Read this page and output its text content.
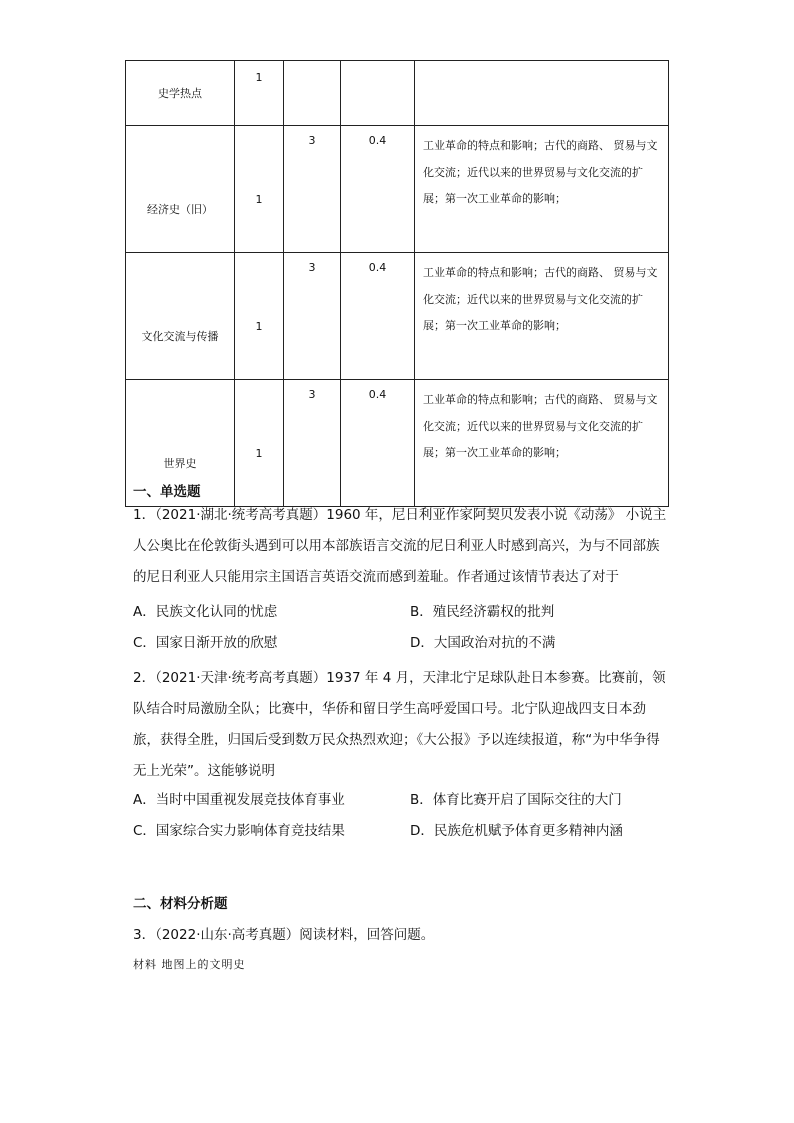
史学热点	1			

经济史（旧）	1	3	0.4	工业革命的特点和影响；古代的商路、 贸易与文化交流；近代以来的世界贸易与文化交流的扩展；第一次工业革命的影响；

文化交流与传播	1	3	0.4	工业革命的特点和影响；古代的商路、 贸易与文化交流；近代以来的世界贸易与文化交流的扩展；第一次工业革命的影响；

世界史	1	3	0.4	工业革命的特点和影响；古代的商路、 贸易与文化交流；近代以来的世界贸易与文化交流的扩展；第一次工业革命的影响；
一、单选题
1．（2021·湖北·统考高考真题）1960 年，尼日利亚作家阿契贝发表小说《动荡》 小说主人公奥比在伦敦街头遇到可以用本部族语言交流的尼日利亚人时感到高兴，为与不同部族的尼日利亚人只能用宗主国语言英语交流而感到羞耻。作者通过该情节表达了对于
A．民族文化认同的忧虑	B．殖民经济霸权的批判
C．国家日渐开放的欣慰	D．大国政治对抗的不满
2．（2021·天津·统考高考真题）1937 年 4 月，天津北宁足球队赴日本参赛。比赛前，领队结合时局激励全队；比赛中，华侨和留日学生高呼爱国口号。北宁队迎战四支日本劲旅，获得全胜，归国后受到数万民众热烈欢迎；《大公报》予以连续报道，称“为中华争得无上光荣”。这能够说明
A．当时中国重视发展竞技体育事业	B．体育比赛开启了国际交往的大门
C．国家综合实力影响体育竞技结果	D．民族危机赋予体育更多精神内涵
二、材料分析题
3．（2022·山东·高考真题）阅读材料，回答问题。
材料 地图上的文明史
